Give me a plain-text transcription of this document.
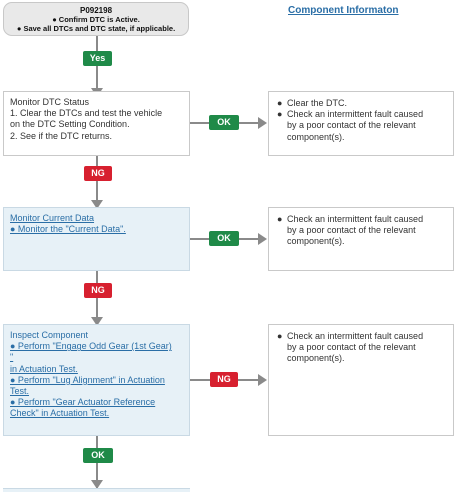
P092198
● Confirm DTC is Active.
● Save all DTCs and DTC state, if applicable.
Component Informaton
Yes
Monitor DTC Status
1. Clear the DTCs and test the vehicle
on the DTC Setting Condition.
2. See if the DTC returns.
OK
● Clear the DTC.
● Check an intermittent fault caused
by a poor contact of the relevant
component(s).
NG
Monitor Current Data
● Monitor the "Current Data".
OK
● Check an intermittent fault caused
by a poor contact of the relevant
component(s).
NG
Inspect Component
● Perform "Engage Odd Gear (1st Gear)
"
in Actuation Test.
● Perform "Lug Alignment" in Actuation
Test.
● Perform "Gear Actuator Reference
Check" in Actuation Test.
NG
● Check an intermittent fault caused
by a poor contact of the relevant
component(s).
OK
